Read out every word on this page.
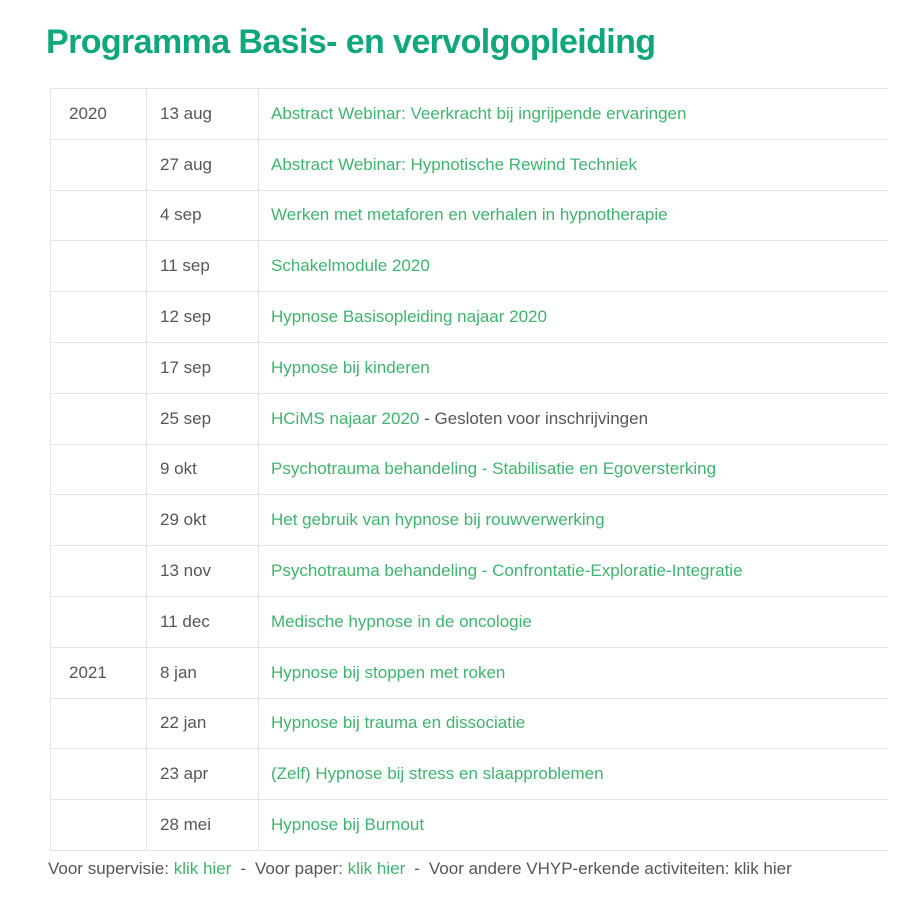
Programma Basis- en vervolgopleiding
2020	13 aug	Abstract Webinar: Veerkracht bij ingrijpende ervaringen
	27 aug	Abstract Webinar: Hypnotische Rewind Techniek
	4 sep	Werken met metaforen en verhalen in hypnotherapie
	11 sep	Schakelmodule 2020
	12 sep	Hypnose Basisopleiding najaar 2020
	17 sep	Hypnose bij kinderen
	25 sep	HCiMS najaar 2020 - Gesloten voor inschrijvingen
	9 okt	Psychotrauma behandeling - Stabilisatie en Egoversterking
	29 okt	Het gebruik van hypnose bij rouwverwerking
	13 nov	Psychotrauma behandeling - Confrontatie-Exploratie-Integratie
	11 dec	Medische hypnose in de oncologie
2021	8 jan	Hypnose bij stoppen met roken
	22 jan	Hypnose bij trauma en dissociatie
	23 apr	(Zelf) Hypnose bij stress en slaapproblemen
	28 mei	Hypnose bij Burnout
Voor supervisie: klik hier - Voor paper: klik hier - Voor andere VHYP-erkende activiteiten: klik hier
